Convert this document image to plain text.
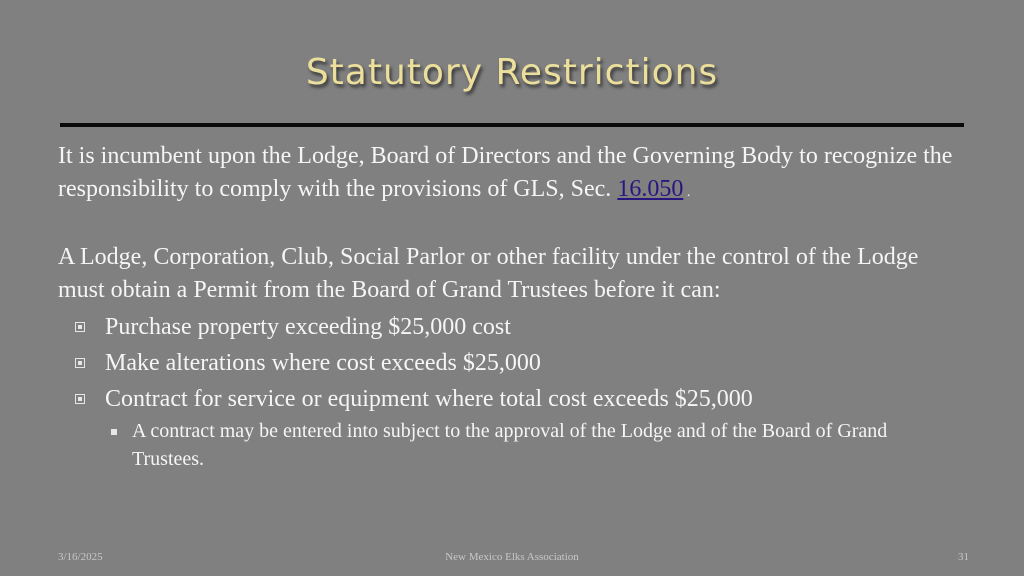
Statutory Restrictions

It is incumbent upon the Lodge, Board of Directors and the Governing Body to recognize the responsibility to comply with the provisions of GLS, Sec. 16.050 .

A Lodge, Corporation, Club, Social Parlor or other facility under the control of the Lodge must obtain a Permit from the Board of Grand Trustees before it can:

Purchase property exceeding $25,000 cost
Make alterations where cost exceeds $25,000
Contract for service or equipment where total cost exceeds $25,000
A contract may be entered into subject to the approval of the Lodge and of the Board of Grand Trustees.
3/16/2025	New Mexico Elks Association	31
